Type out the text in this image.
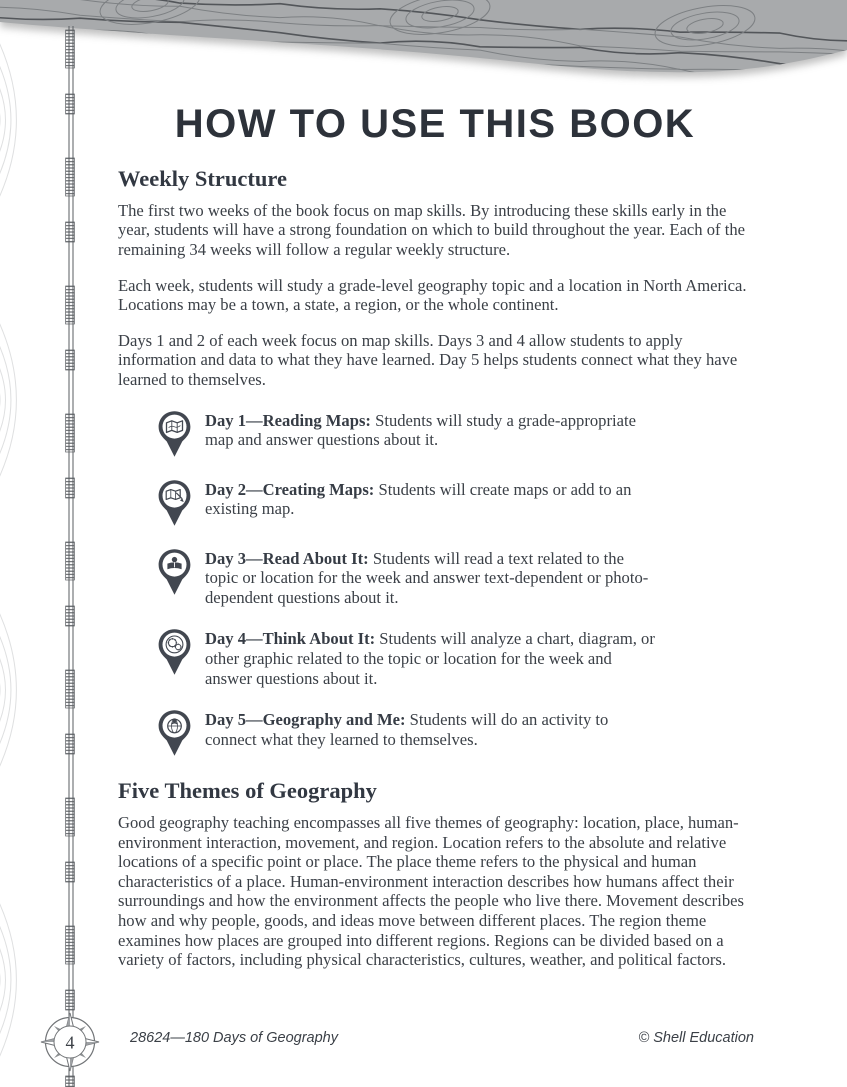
4
HOW TO USE THIS BOOK
Weekly Structure

The first two weeks of the book focus on map skills. By introducing these skills early in the year, students will have a strong foundation on which to build throughout the year. Each of the remaining 34 weeks will follow a regular weekly structure.

Each week, students will study a grade-level geography topic and a location in North America. Locations may be a town, a state, a region, or the whole continent.

Days 1 and 2 of each week focus on map skills. Days 3 and 4 allow students to apply information and data to what they have learned. Day 5 helps students connect what they have learned to themselves.

Day 1—Reading Maps: Students will study a grade-appropriate map and answer questions about it.

Day 2—Creating Maps: Students will create maps or add to an existing map.

Day 3—Read About It: Students will read a text related to the topic or location for the week and answer text-dependent or photo-dependent questions about it.

Day 4—Think About It: Students will analyze a chart, diagram, or other graphic related to the topic or location for the week and answer questions about it.

Day 5—Geography and Me: Students will do an activity to connect what they learned to themselves.

Five Themes of Geography

Good geography teaching encompasses all five themes of geography: location, place, human-environment interaction, movement, and region. Location refers to the absolute and relative locations of a specific point or place. The place theme refers to the physical and human characteristics of a place. Human-environment interaction describes how humans affect their surroundings and how the environment affects the people who live there. Movement describes how and why people, goods, and ideas move between different places. The region theme examines how places are grouped into different regions. Regions can be divided based on a variety of factors, including physical characteristics, cultures, weather, and political factors.

28624—180 Days of Geography	© Shell Education
